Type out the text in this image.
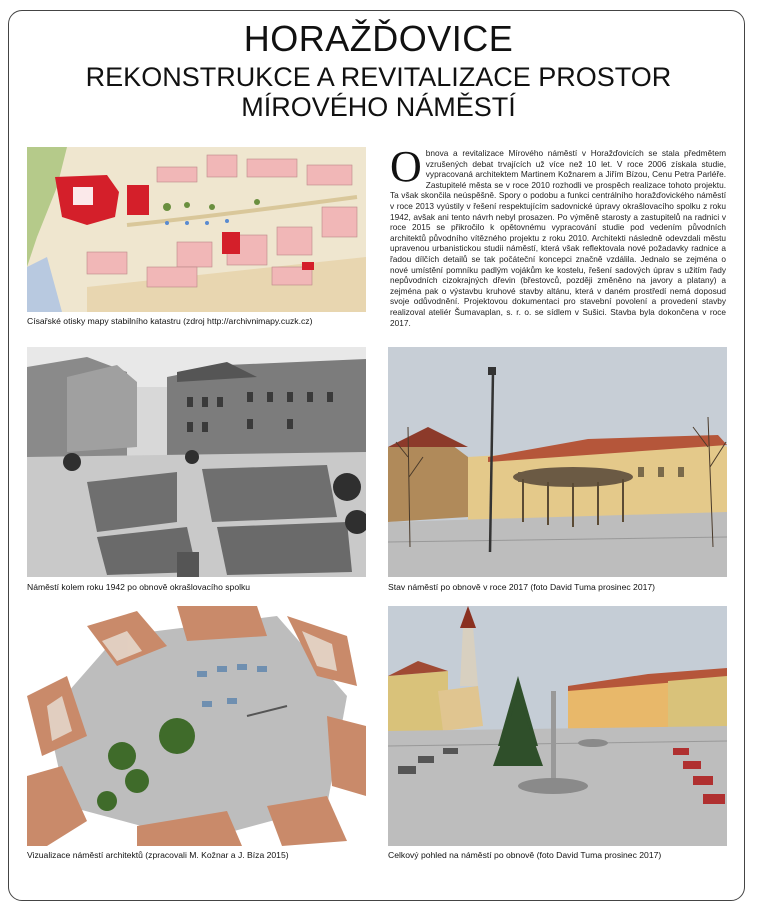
HORAŽĎOVICE
REKONSTRUKCE A REVITALIZACE PROSTOR
MÍROVÉHO NÁMĚSTÍ
Císařské otisky mapy stabilního katastru (zdroj http://archivnimapy.cuzk.cz)

Obnova a revitalizace Mírového náměstí v Horažďovicích se stala předmětem vzrušených debat trvajících už více než 10 let. V roce 2006 získala studie, vypracovaná architektem Martinem Kožnarem a Jiřím Bízou, Cenu Petra Parléře. Zastupitelé města se v roce 2010 rozhodli ve prospěch realizace tohoto projektu. Ta však skončila neúspěšně. Spory o podobu a funkci centrálního horažďovického náměstí v roce 2013 vyústily v řešení respektujícím sadovnické úpravy okrašlovacího spolku z roku 1942, avšak ani tento návrh nebyl prosazen. Po výměně starosty a zastupitelů na radnici v roce 2015 se přikročilo k opětovnému vypracování studie pod vedením původních architektů původního vítězného projektu z roku 2010. Architekti následně odevzdali městu upravenou urbanistickou studii náměstí, která však reflektovala nové požadavky radnice a řadou dílčích detailů se tak počáteční koncepci značně vzdálila. Jednalo se zejména o nové umístění pomníku padlým vojákům ke kostelu, řešení sadových úprav s užitím řady nepůvodních cizokrajných dřevin (břestovců, později změněno na javory a platany) a zejména pak o výstavbu kruhové stavby altánu, která v daném prostředí nemá doposud svoje odůvodnění. Projektovou dokumentaci pro stavební povolení a provedení stavby realizoval ateliér Šumavaplan, s. r. o. se sídlem v Sušici. Stavba byla dokončena v roce 2017.

Náměstí kolem roku 1942 po obnově okrašlovacího spolku	Stav náměstí po obnově v roce 2017 (foto David Tuma prosinec 2017)
Vizualizace náměstí architektů (zpracovali M. Kožnar a J. Bíza 2015)	Celkový pohled na náměstí po obnově (foto David Tuma prosinec 2017)
